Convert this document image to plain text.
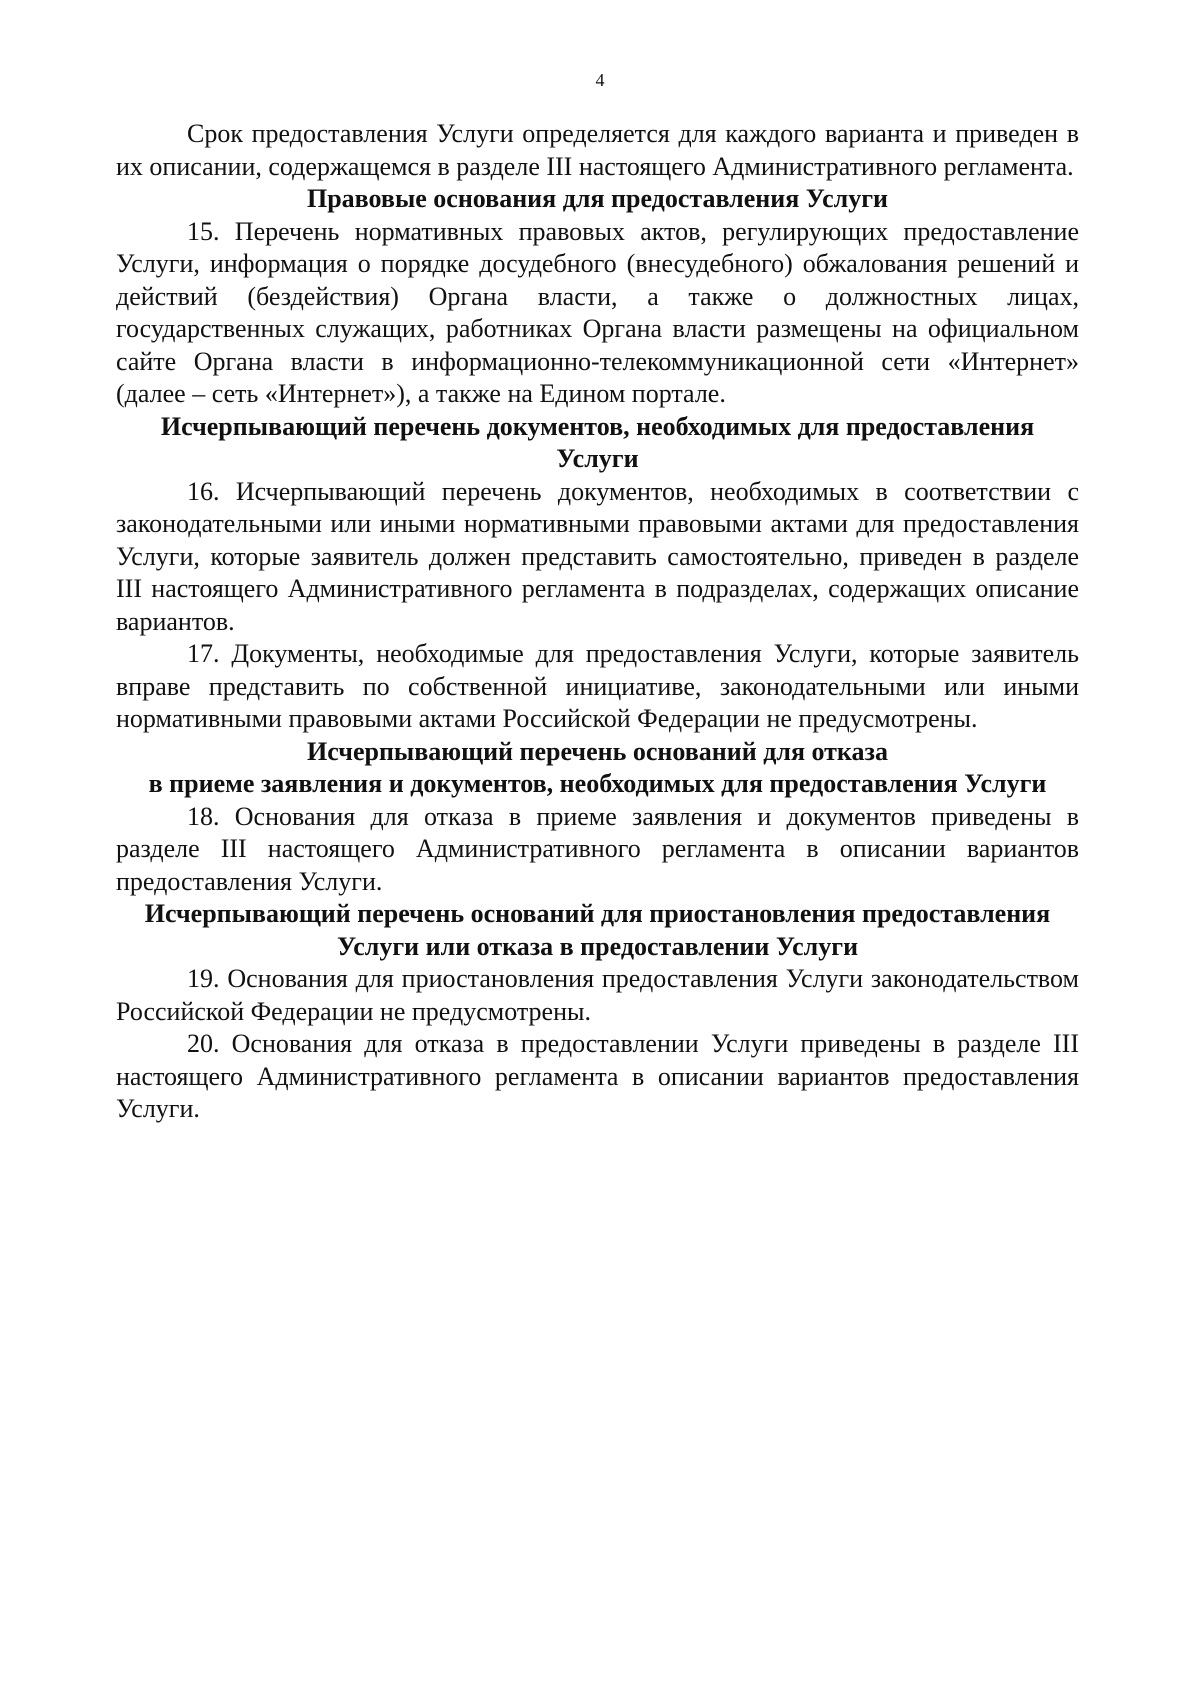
4

Срок предоставления Услуги определяется для каждого варианта и приведен в их описании, содержащемся в разделе III настоящего Административного регламента.

Правовые основания для предоставления Услуги

15. Перечень нормативных правовых актов, регулирующих предоставление Услуги, информация о порядке досудебного (внесудебного) обжалования решений и действий (бездействия) Органа власти, а также о должностных лицах, государственных служащих, работниках Органа власти размещены на официальном сайте Органа власти в информационно-телекоммуникационной сети «Интернет» (далее – сеть «Интернет»), а также на Едином портале.

Исчерпывающий перечень документов, необходимых для предоставления
Услуги

16. Исчерпывающий перечень документов, необходимых в соответствии с законодательными или иными нормативными правовыми актами для предоставления Услуги, которые заявитель должен представить самостоятельно, приведен в разделе III настоящего Административного регламента в подразделах, содержащих описание вариантов.

17. Документы, необходимые для предоставления Услуги, которые заявитель вправе представить по собственной инициативе, законодательными или иными нормативными правовыми актами Российской Федерации не предусмотрены.

Исчерпывающий перечень оснований для отказа
в приеме заявления и документов, необходимых для предоставления Услуги

18. Основания для отказа в приеме заявления и документов приведены в разделе III настоящего Административного регламента в описании вариантов предоставления Услуги.

Исчерпывающий перечень оснований для приостановления предоставления
Услуги или отказа в предоставлении Услуги

19. Основания для приостановления предоставления Услуги законодательством Российской Федерации не предусмотрены.

20. Основания для отказа в предоставлении Услуги приведены в разделе III настоящего Административного регламента в описании вариантов предоставления Услуги.
